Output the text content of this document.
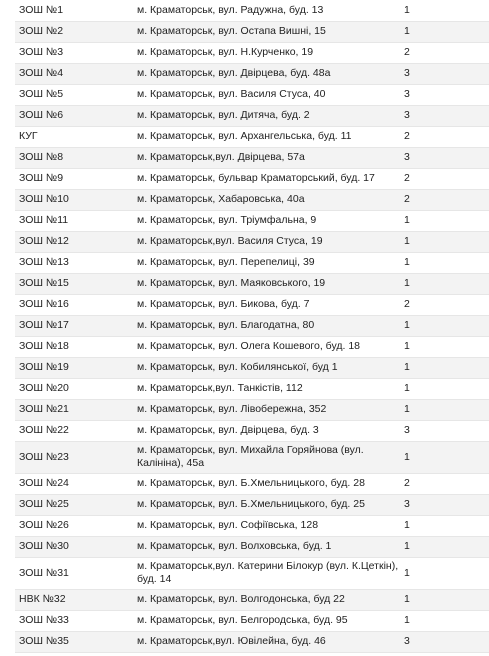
ЗОШ №1	м. Краматорськ, вул. Радужна, буд. 13	1
ЗОШ №2	м. Краматорськ, вул. Остапа Вишні, 15	1
ЗОШ №3	м. Краматорськ, вул. Н.Курченко, 19	2
ЗОШ №4	м. Краматорськ, вул. Двірцева, буд. 48а	3
ЗОШ №5	м. Краматорськ, вул. Василя Стуса, 40	3
ЗОШ №6	м. Краматорськ, вул. Дитяча, буд. 2	3
КУГ	м. Краматорськ, вул. Архангельська, буд. 11	2
ЗОШ №8	м. Краматорськ,вул. Двірцева, 57а	3
ЗОШ №9	м. Краматорськ, бульвар Краматорський, буд. 17	2
ЗОШ №10	м. Краматорськ, Хабаровська, 40а	2
ЗОШ №11	м. Краматорськ, вул. Тріумфальна, 9	1
ЗОШ №12	м. Краматорськ,вул. Василя Стуса, 19	1
ЗОШ №13	м. Краматорськ, вул. Перепелиці, 39	1
ЗОШ №15	м. Краматорськ, вул. Маяковського, 19	1
ЗОШ №16	м. Краматорськ, вул. Бикова, буд. 7	2
ЗОШ №17	м. Краматорськ, вул. Благодатна, 80	1
ЗОШ №18	м. Краматорськ, вул. Олега Кошевого, буд. 18	1
ЗОШ №19	м. Краматорськ, вул. Кобилянської, буд 1	1
ЗОШ №20	м. Краматорськ,вул. Танкістів, 112	1
ЗОШ №21	м. Краматорськ, вул. Лівобережна, 352	1
ЗОШ №22	м. Краматорськ, вул. Двірцева, буд. 3	3
ЗОШ №23	м. Краматорськ, вул. Михайла Горяйнова (вул. Калініна), 45а	1
ЗОШ №24	м. Краматорськ, вул. Б.Хмельницького, буд. 28	2
ЗОШ №25	м. Краматорськ, вул. Б.Хмельницького, буд. 25	3
ЗОШ №26	м. Краматорськ, вул. Софіївська, 128	1
ЗОШ №30	м. Краматорськ, вул. Волховська, буд. 1	1
ЗОШ №31	м. Краматорськ,вул. Катерини Білокур (вул. К.Цеткін), буд. 14	1
НВК №32	м. Краматорськ, вул. Волгодонська, буд 22	1
ЗОШ №33	м. Краматорськ, вул. Белгородська, буд. 95	1
ЗОШ №35	м. Краматорськ,вул. Ювілейна, буд. 46	3
